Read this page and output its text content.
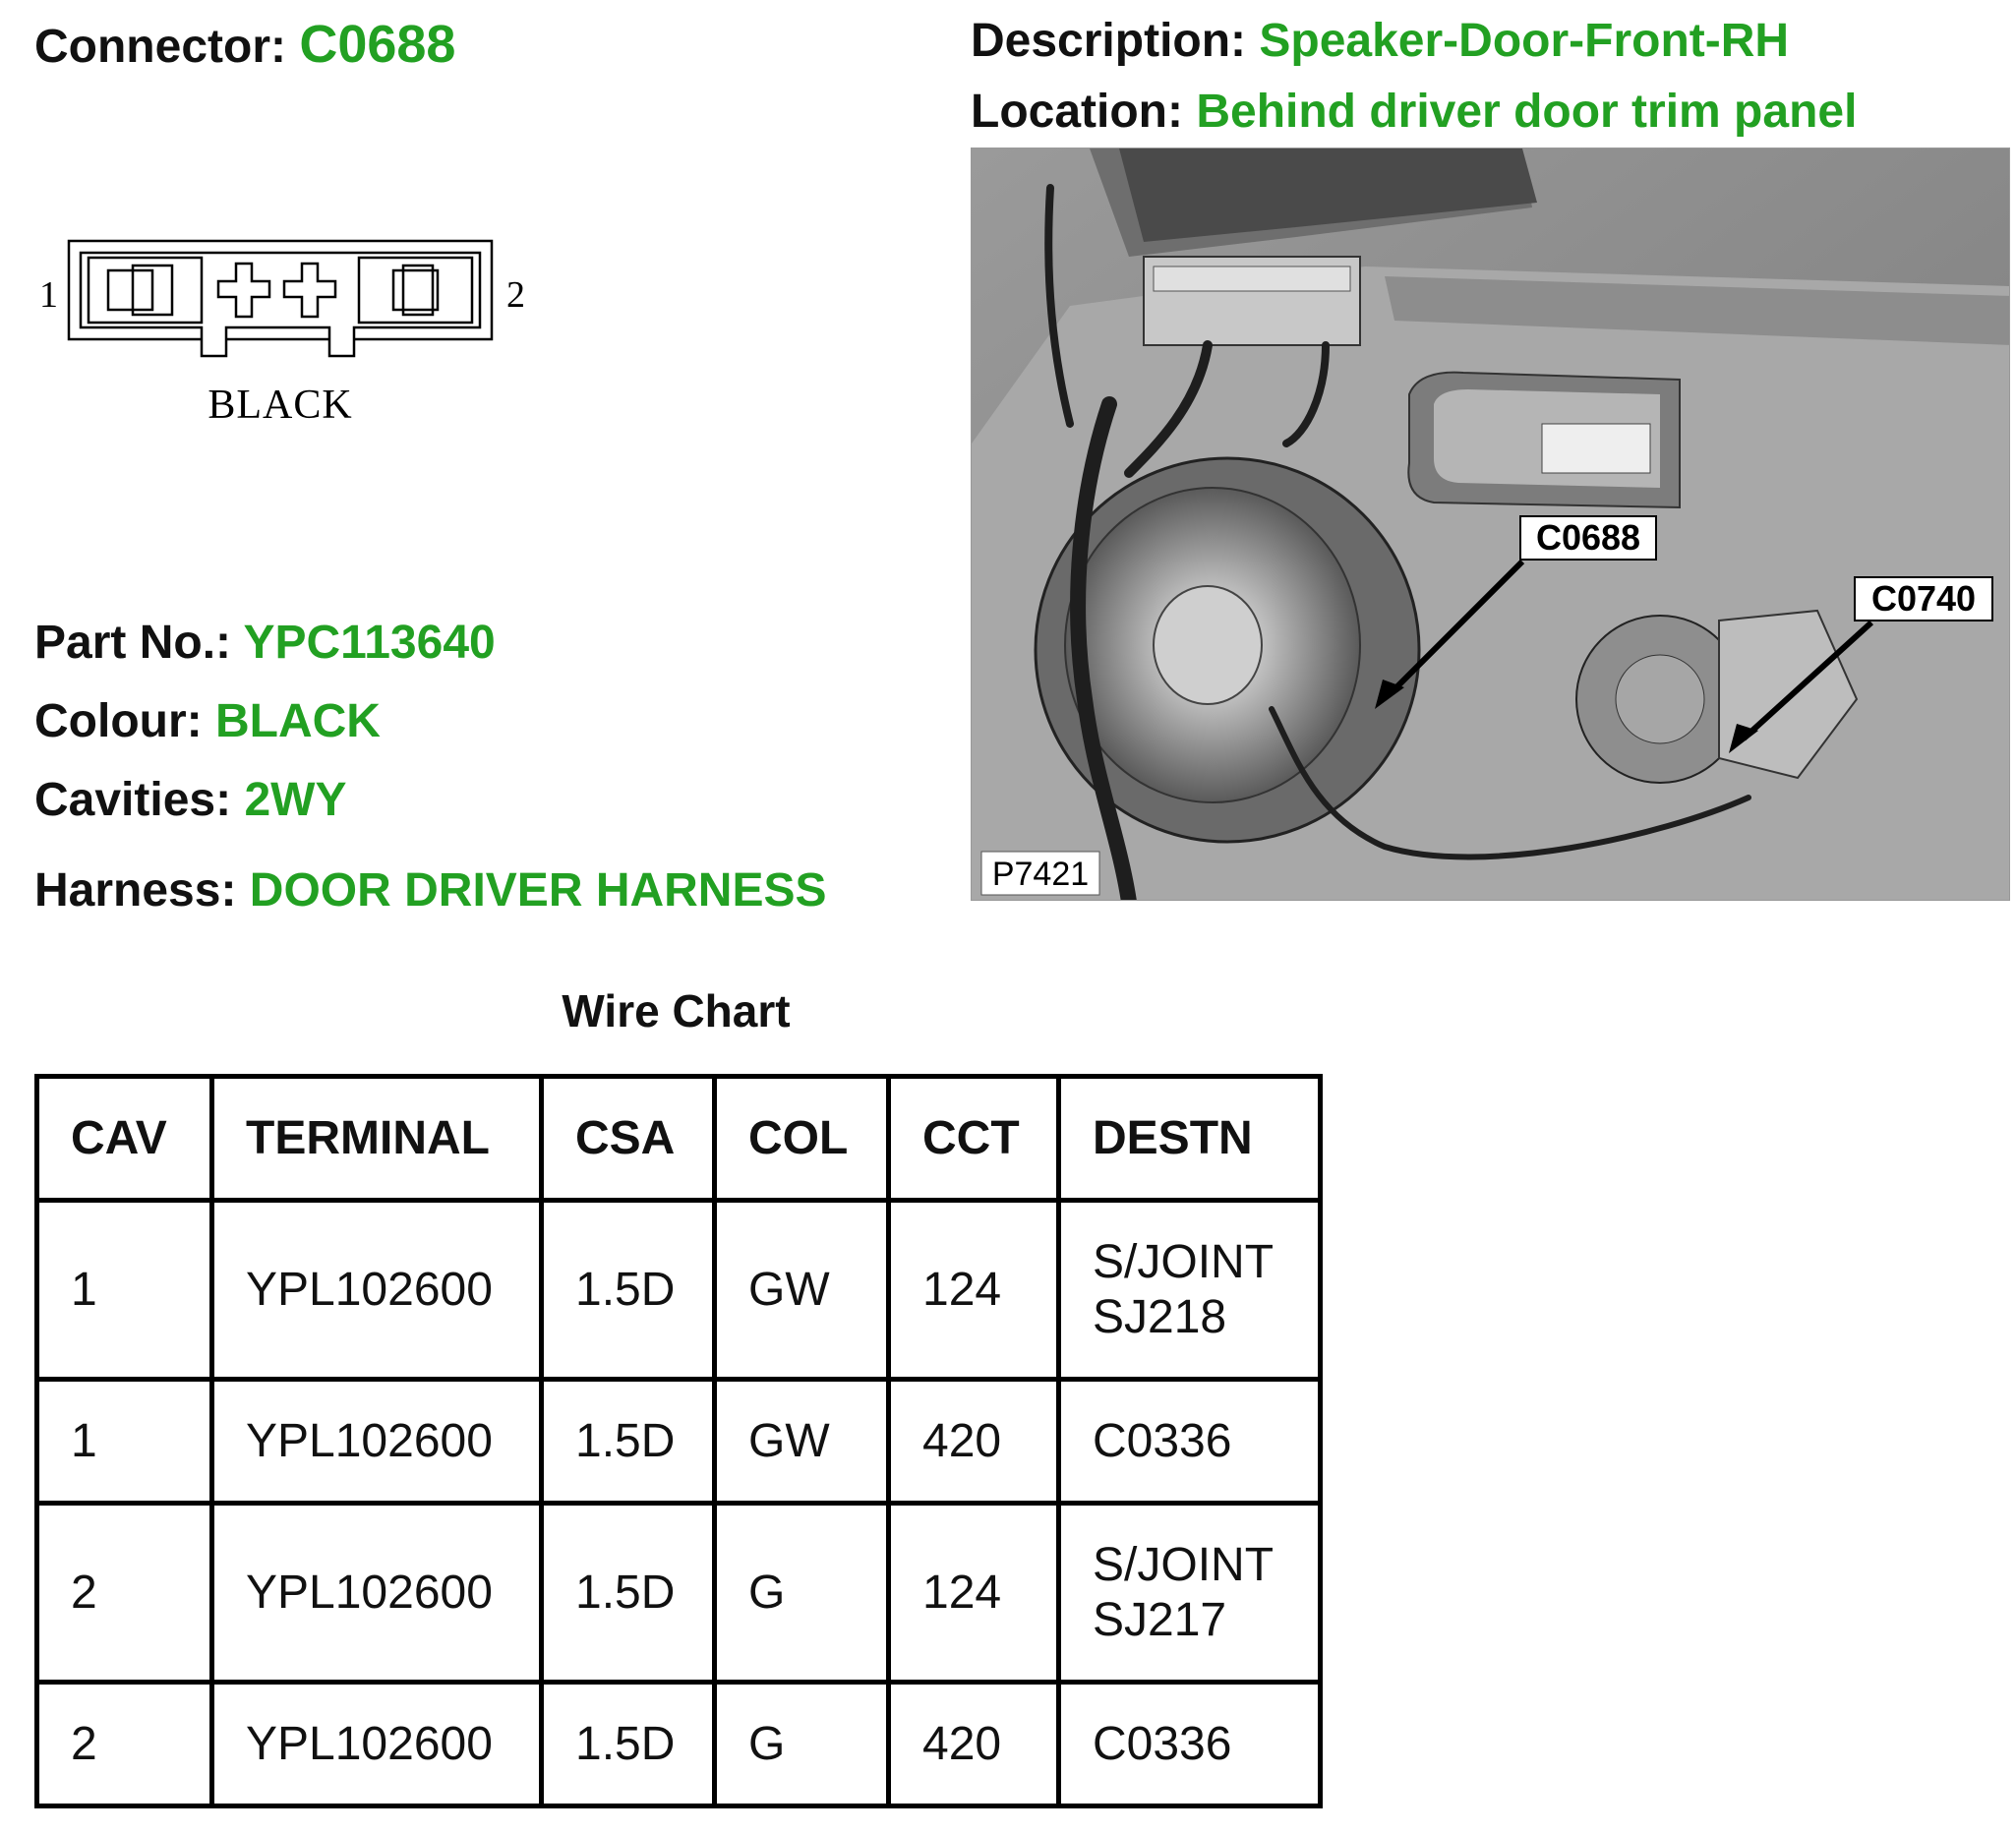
Connector: C0688	Description: Speaker-Door-Front-RH
Location: Behind driver door trim panel
1	2
BLACK
C0688
C0740
P7421
Part No.: YPC113640
Colour: BLACK
Cavities: 2WY
Harness: DOOR DRIVER HARNESS
Wire Chart
CAV	TERMINAL	CSA	COL	CCT	DESTN
1	YPL102600	1.5D	GW	124	S/JOINT
SJ218

1	YPL102600	1.5D	GW	420	C0336

2	YPL102600	1.5D	G	124	S/JOINT
SJ217

2	YPL102600	1.5D	G	420	C0336
